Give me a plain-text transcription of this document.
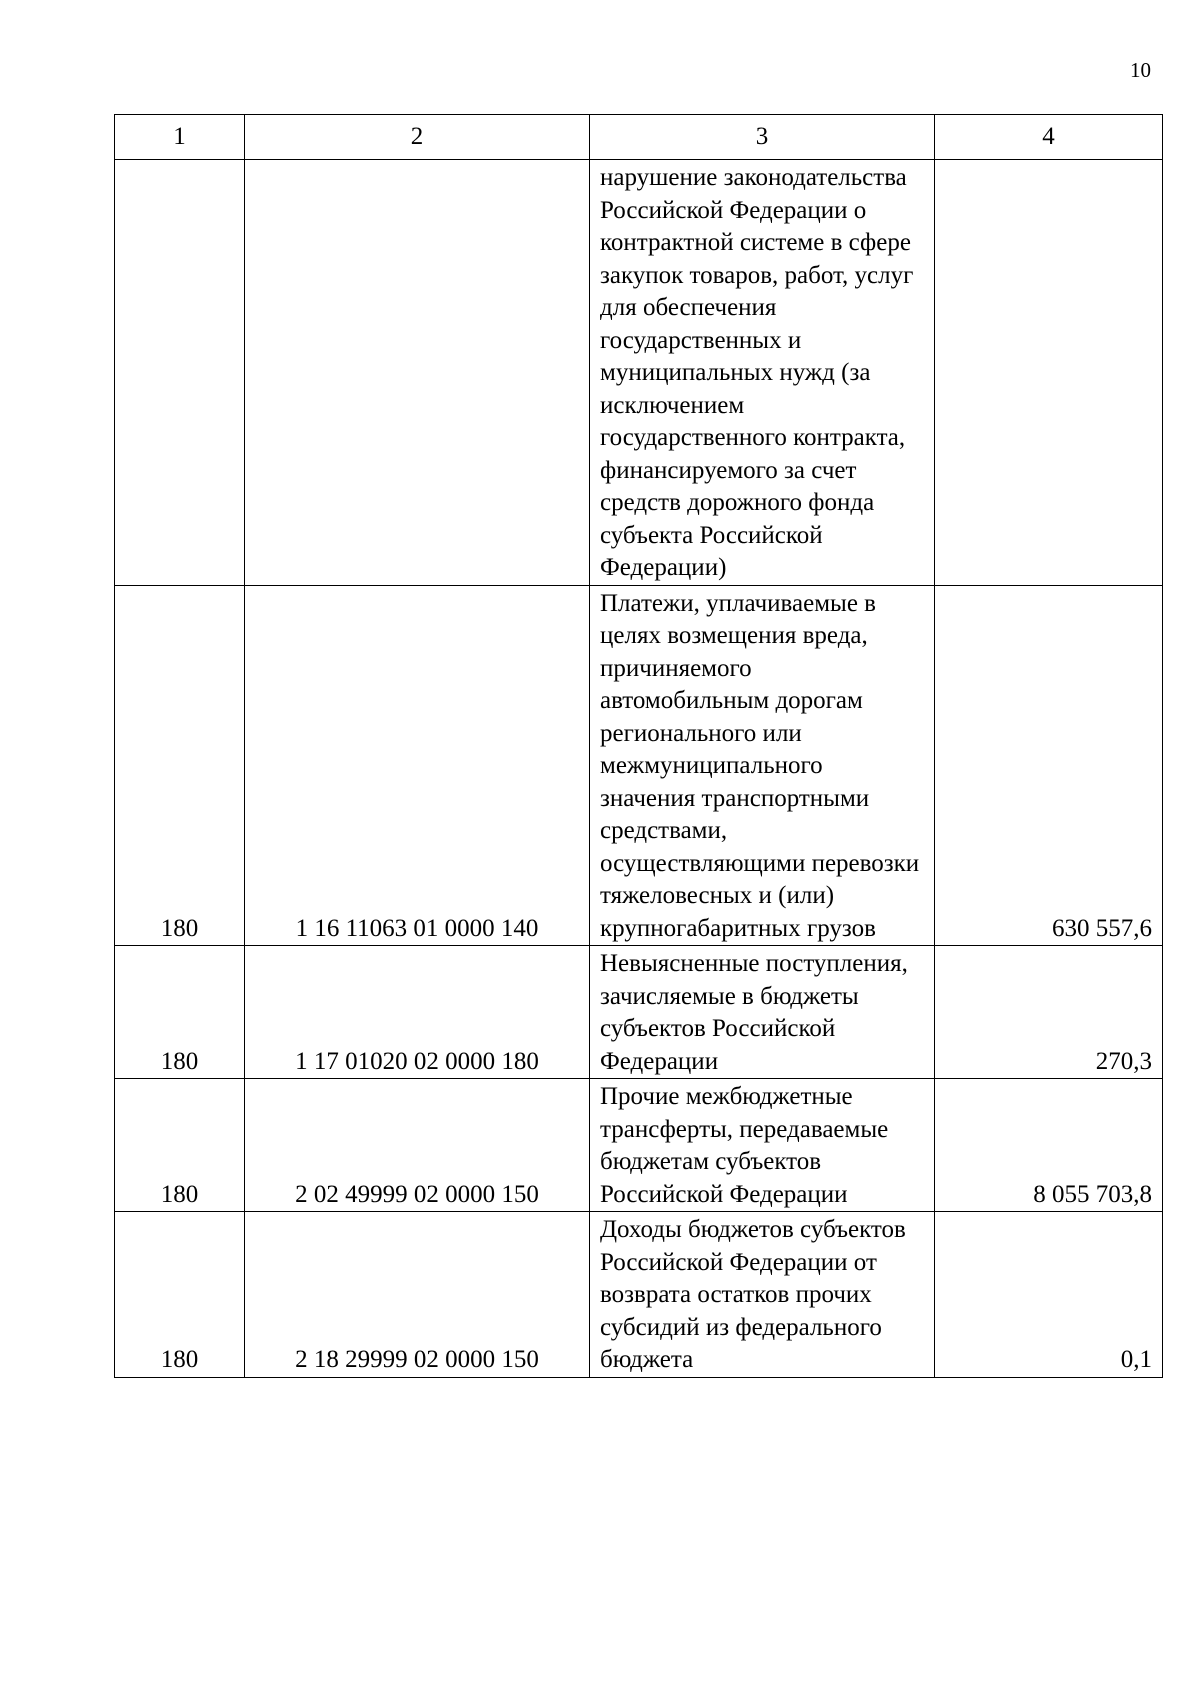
10
1	2	3	4
		нарушение законодательства Российской Федерации о контрактной системе в сфере закупок товаров, работ, услуг для обеспечения государственных и муниципальных нужд (за исключением государственного контракта, финансируемого за счет средств дорожного фонда субъекта Российской Федерации)	
180	1 16 11063 01 0000 140	Платежи, уплачиваемые в целях возмещения вреда, причиняемого автомобильным дорогам регионального или межмуниципального значения транспортными средствами, осуществляющими перевозки тяжеловесных и (или) крупногабаритных грузов	630 557,6
180	1 17 01020 02 0000 180	Невыясненные поступления, зачисляемые в бюджеты субъектов Российской Федерации	270,3
180	2 02 49999 02 0000 150	Прочие межбюджетные трансферты, передаваемые бюджетам субъектов Российской Федерации	8 055 703,8
180	2 18 29999 02 0000 150	Доходы бюджетов субъектов Российской Федерации от возврата остатков прочих субсидий из федерального бюджета	0,1
